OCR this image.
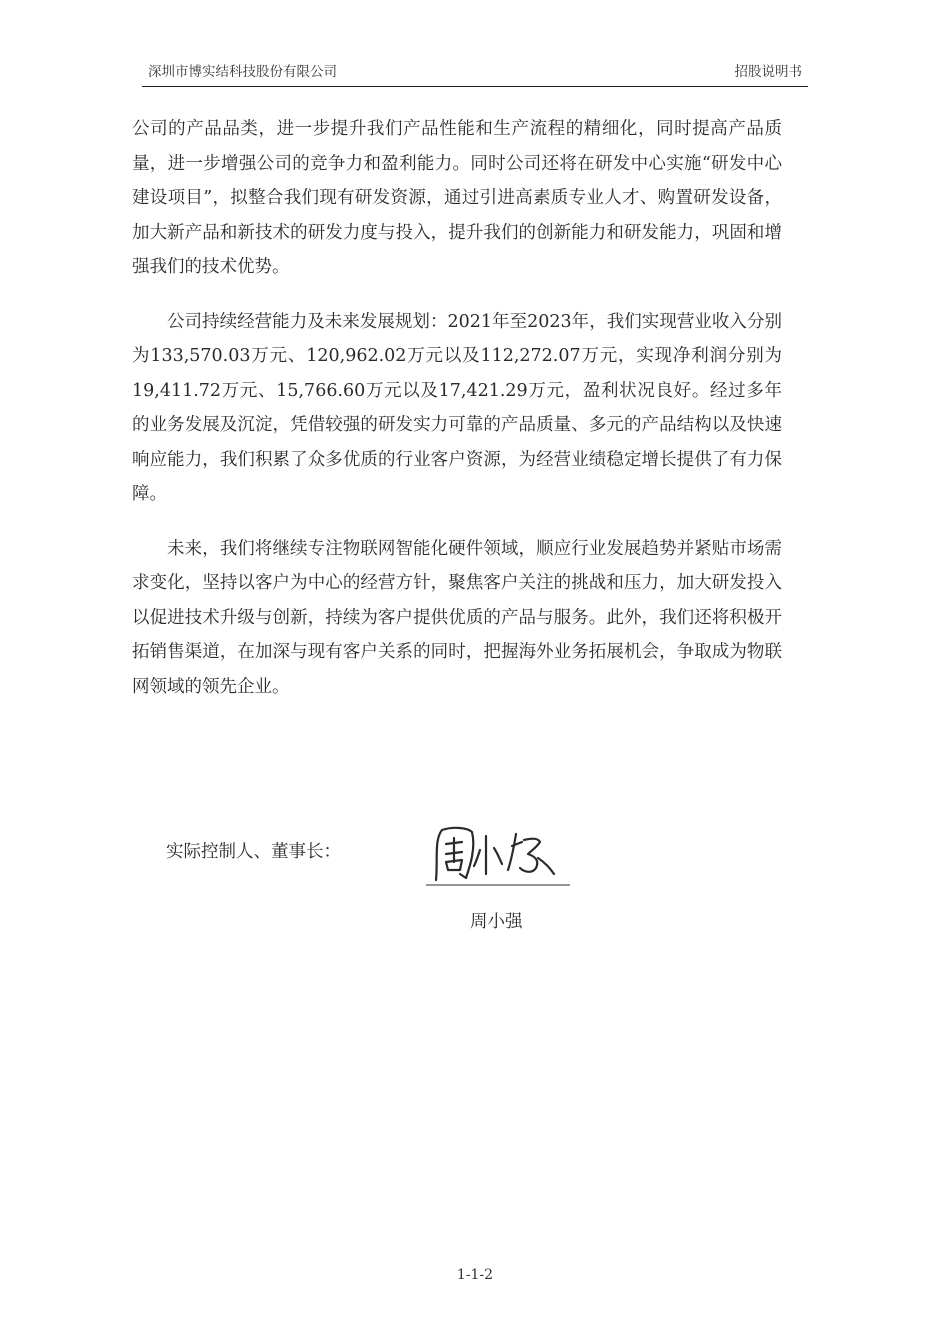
深圳市博实结科技股份有限公司	招股说明书

公司的产品品类，进一步提升我们产品性能和生产流程的精细化，同时提高产品质量，进一步增强公司的竞争力和盈利能力。同时公司还将在研发中心实施“研发中心建设项目”，拟整合我们现有研发资源，通过引进高素质专业人才、购置研发设备，加大新产品和新技术的研发力度与投入，提升我们的创新能力和研发能力，巩固和增强我们的技术优势。

公司持续经营能力及未来发展规划：2021年至2023年，我们实现营业收入分别为133,570.03万元、120,962.02万元以及112,272.07万元，实现净利润分别为19,411.72万元、15,766.60万元以及17,421.29万元，盈利状况良好。经过多年的业务发展及沉淀，凭借较强的研发实力可靠的产品质量、多元的产品结构以及快速响应能力，我们积累了众多优质的行业客户资源，为经营业绩稳定增长提供了有力保障。

未来，我们将继续专注物联网智能化硬件领域，顺应行业发展趋势并紧贴市场需求变化，坚持以客户为中心的经营方针，聚焦客户关注的挑战和压力，加大研发投入以促进技术升级与创新，持续为客户提供优质的产品与服务。此外，我们还将积极开拓销售渠道，在加深与现有客户关系的同时，把握海外业务拓展机会，争取成为物联网领域的领先企业。

实际控制人、董事长：
周小强
1-1-2
